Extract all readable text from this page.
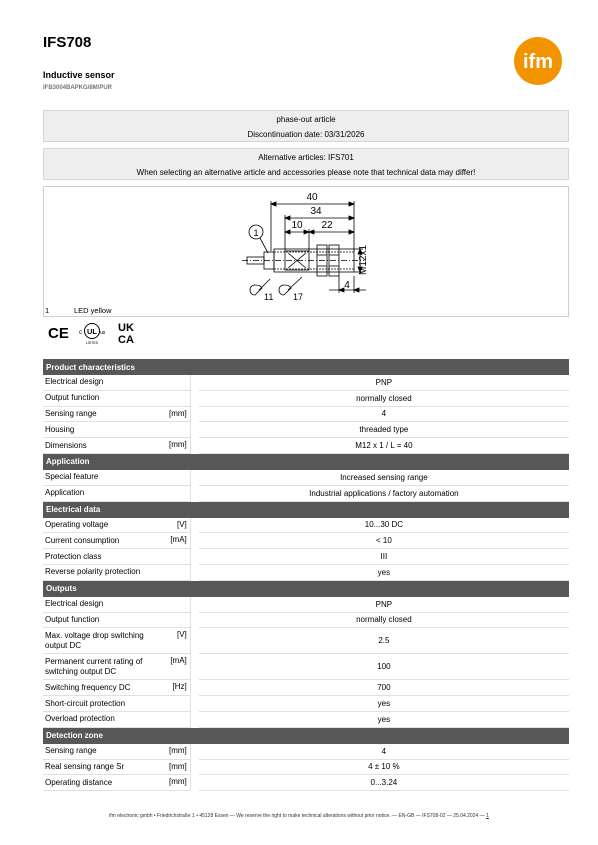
IFS708
Inductive sensor
IFB3004BAPKG/8M/PUR
ifm
phase-out article
Discontinuation date: 03/31/2026
Alternative articles: IFS701
When selecting an alternative article and accessories please note that technical data may differ!
40
34
10 22
4
1
11 17
M12x1
1	LED yellow
CE c UL us
LISTED
UK
CA
Product characteristics			
Electrical design			PNP
Output function			normally closed
Sensing range	[mm]		4
Housing			threaded type
Dimensions	[mm]		M12 x 1 / L = 40
Application			
Special feature			Increased sensing range
Application			Industrial applications / factory automation
Electrical data			
Operating voltage	[V]		10...30 DC
Current consumption	[mA]		< 10
Protection class			III
Reverse polarity protection			yes
Outputs			
Electrical design			PNP
Output function			normally closed
Max. voltage drop switching output DC	[V]		2.5
Permanent current rating of switching output DC	[mA]		100
Switching frequency DC	[Hz]		700
Short-circuit protection			yes
Overload protection			yes
Detection zone			
Sensing range	[mm]		4
Real sensing range Sr	[mm]		4 ± 10 %
Operating distance	[mm]		0...3.24
ifm electronic gmbh • Friedrichstraße 1 • 45128 Essen — We reserve the right to make technical alterations without prior notice. — EN-GB — IFS708-02 — 25.04.2024 — 1
